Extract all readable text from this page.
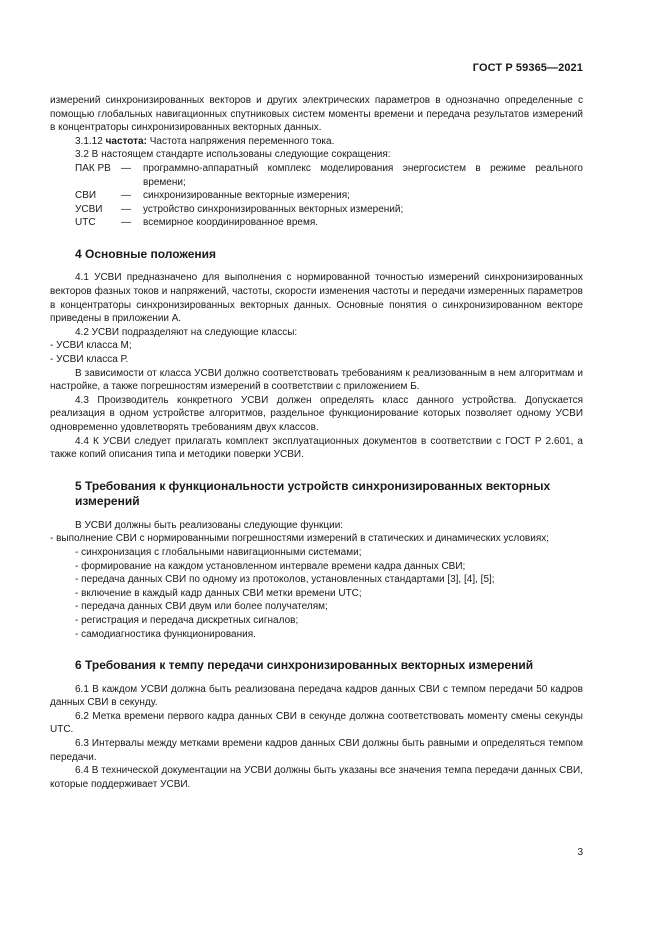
ГОСТ Р 59365—2021

измерений синхронизированных векторов и других электрических параметров в однозначно определенные с помощью глобальных навигационных спутниковых систем моменты времени и передача результатов измерений в концентраторы синхронизированных векторных данных.

3.1.12 частота: Частота напряжения переменного тока.

3.2 В настоящем стандарте использованы следующие сокращения:

ПАК РВ	—	программно-аппаратный комплекс моделирования энергосистем в режиме реального времени;
СВИ	—	синхронизированные векторные измерения;
УСВИ	—	устройство синхронизированных векторных измерений;
UTC	—	всемирное координированное время.
4 Основные положения

4.1 УСВИ предназначено для выполнения с нормированной точностью измерений синхронизированных векторов фазных токов и напряжений, частоты, скорости изменения частоты и передачи измеренных параметров в концентраторы синхронизированных векторных данных. Основные понятия о синхронизированном векторе приведены в приложении А.

4.2 УСВИ подразделяют на следующие классы:

- УСВИ класса М;

- УСВИ класса Р.

В зависимости от класса УСВИ должно соответствовать требованиям к реализованным в нем алгоритмам и настройке, а также погрешностям измерений в соответствии с приложением Б.

4.3 Производитель конкретного УСВИ должен определять класс данного устройства. Допускается реализация в одном устройстве алгоритмов, раздельное функционирование которых позволяет одному УСВИ одновременно удовлетворять требованиям двух классов.

4.4 К УСВИ следует прилагать комплект эксплуатационных документов в соответствии с ГОСТ Р 2.601, а также копий описания типа и методики поверки УСВИ.

5 Требования к функциональности устройств синхронизированных векторных измерений

В УСВИ должны быть реализованы следующие функции:

- выполнение СВИ с нормированными погрешностями измерений в статических и динамических условиях;

- синхронизация с глобальными навигационными системами;

- формирование на каждом установленном интервале времени кадра данных СВИ;

- передача данных СВИ по одному из протоколов, установленных стандартами [3], [4], [5];

- включение в каждый кадр данных СВИ метки времени UTC;

- передача данных СВИ двум или более получателям;

- регистрация и передача дискретных сигналов;

- самодиагностика функционирования.

6 Требования к темпу передачи синхронизированных векторных измерений

6.1 В каждом УСВИ должна быть реализована передача кадров данных СВИ с темпом передачи 50 кадров данных СВИ в секунду.

6.2 Метка времени первого кадра данных СВИ в секунде должна соответствовать моменту смены секунды UTC.

6.3 Интервалы между метками времени кадров данных СВИ должны быть равными и определяться темпом передачи.

6.4 В технической документации на УСВИ должны быть указаны все значения темпа передачи данных СВИ, которые поддерживает УСВИ.

3
